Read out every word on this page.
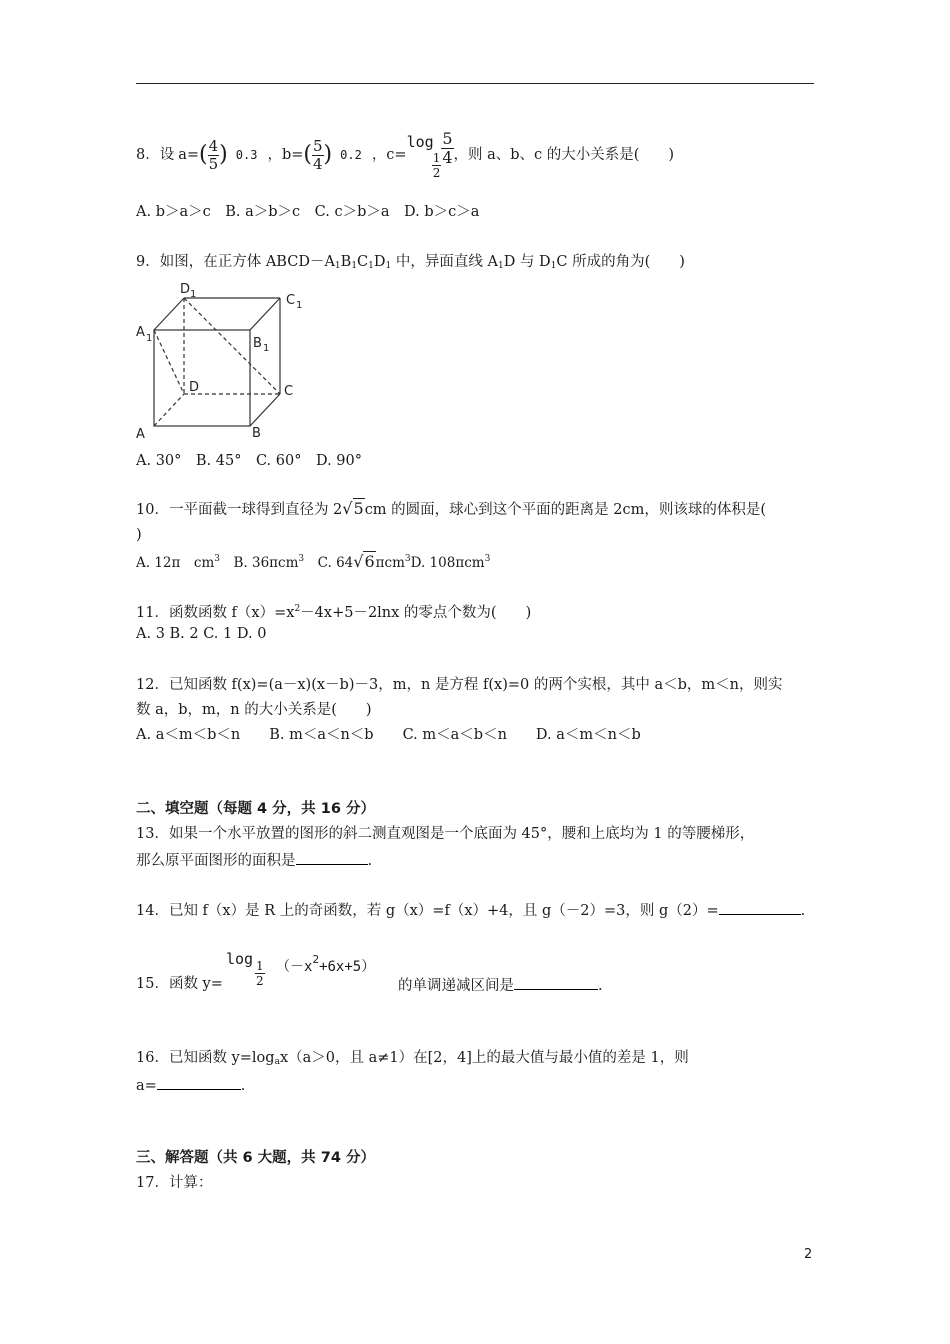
8．设 a= ( $\frac{4}{5}$ ) 0.3 ，b= ( $\frac{5}{4}$ ) 0.2 ，c=
log
$\frac{1}{2} \frac{5}{4}$ ，则 a、b、c 的大小关系是(　　)
A. b＞a＞c　B. a＞b＞c　C. c＞b＞a　D. b＞c＞a
9．如图，在正方体 $ABCD-A_1B_1C_1D_1$ 中，异面直线 $A_1D$ 与 $D_1C$ 所成的角为(　　)
A	B
C
D
A 1	B 1
C 1
D 1
A. 30°　B. 45°　C. 60°　D. 90°
10．一平面截一球得到直径为 2√5cm 的圆面，球心到这个平面的距离是 2cm，则该球的体积是(
)
A. 12π　$cm^3$　B. 36πcm$^3$　C. 64√6πcm$^3$D. 108πcm$^3$
11．函数函数 $f(x)=x^2-4x+5-2\ln x$ 的零点个数为(　　)
A. 3 B. 2 C. 1 D. 0
12．已知函数 f(x)=(a－x)(x－b)－3，m，n 是方程 f(x)=0 的两个实根，其中 a＜b，m＜n，则实
数 a，b，m，n 的大小关系是(　　)
A. a＜m＜b＜n　　B. m＜a＜n＜b　　C. m＜a＜b＜n　　D. a＜m＜n＜b
二、填空题（每题 4 分，共 16 分）
13．如果一个水平放置的图形的斜二测直观图是一个底面为 45°，腰和上底均为 1 的等腰梯形，
那么原平面图形的面积是	.
14．已知 f（x）是 R 上的奇函数，若 g（x）=f（x）+4，且 g（－2）=3，则 g（2）=	.
15．函数 y=
log
$\frac{1}{2} (-x^2+6x+5)$
的单调递减区间是	.
16．已知函数 $y=\log_ax(a>0$，且 a≠1）在[2，4]上的最大值与最小值的差是 1，则
a=	.
三、解答题（共 6 大题，共 74 分）
17．计算：
2
